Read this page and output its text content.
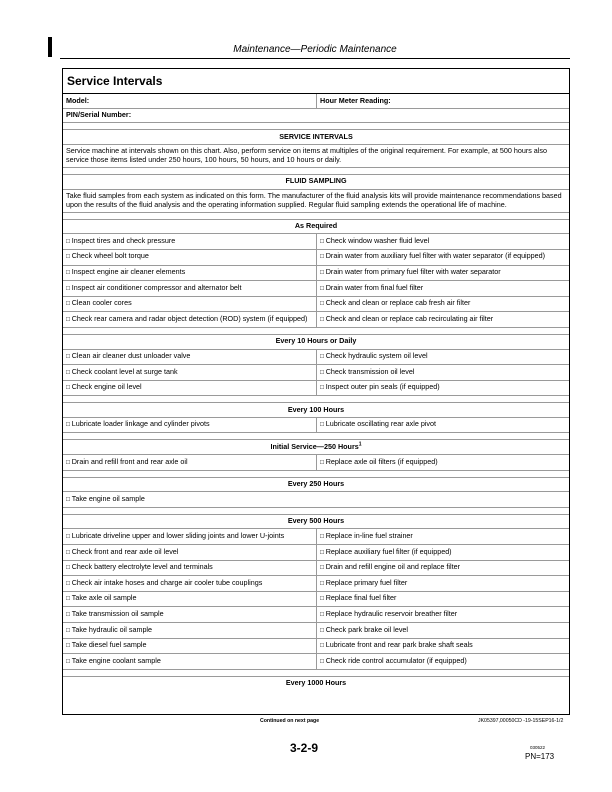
Maintenance—Periodic Maintenance
Service Intervals
Model:	Hour Meter Reading:
PIN/Serial Number:
SERVICE INTERVALS
Service machine at intervals shown on this chart. Also, perform service on items at multiples of the original requirement. For example, at 500 hours also service those items listed under 250 hours, 100 hours, 50 hours, and 10 hours or daily.
FLUID SAMPLING
Take fluid samples from each system as indicated on this form. The manufacturer of the fluid analysis kits will provide maintenance recommendations based upon the results of the fluid analysis and the operating information supplied. Regular fluid sampling extends the operational life of machine.
As Required
□ Inspect tires and check pressure	□ Check window washer fluid level
□ Check wheel bolt torque	□ Drain water from auxiliary fuel filter with water separator (if equipped)
□ Inspect engine air cleaner elements	□ Drain water from primary fuel filter with water separator
□ Inspect air conditioner compressor and alternator belt	□ Drain water from final fuel filter
□ Clean cooler cores	□ Check and clean or replace cab fresh air filter
□ Check rear camera and radar object detection (ROD) system (if equipped)	□ Check and clean or replace cab recirculating air filter
Every 10 Hours or Daily
□ Clean air cleaner dust unloader valve	□ Check hydraulic system oil level
□ Check coolant level at surge tank	□ Check transmission oil level
□ Check engine oil level	□ Inspect outer pin seals (if equipped)
Every 100 Hours
□ Lubricate loader linkage and cylinder pivots	□ Lubricate oscillating rear axle pivot
Initial Service—250 Hours$^1$
□ Drain and refill front and rear axle oil	□ Replace axle oil filters (if equipped)
Every 250 Hours
□ Take engine oil sample
Every 500 Hours
□ Lubricate driveline upper and lower sliding joints and lower U-joints	□ Replace in-line fuel strainer
□ Check front and rear axle oil level	□ Replace auxiliary fuel filter (if equipped)
□ Check battery electrolyte level and terminals	□ Drain and refill engine oil and replace filter
□ Check air intake hoses and charge air cooler tube couplings	□ Replace primary fuel filter
□ Take axle oil sample	□ Replace final fuel filter
□ Take transmission oil sample	□ Replace hydraulic reservoir breather filter
□ Take hydraulic oil sample	□ Check park brake oil level
□ Take diesel fuel sample	□ Lubricate front and rear park brake shaft seals
□ Take engine coolant sample	□ Check ride control accumulator (if equipped)
Every 1000 Hours
Continued on next page	JK05397,00050CD -19-15SEP16-1/2
3-2-9	030522
PN=173
